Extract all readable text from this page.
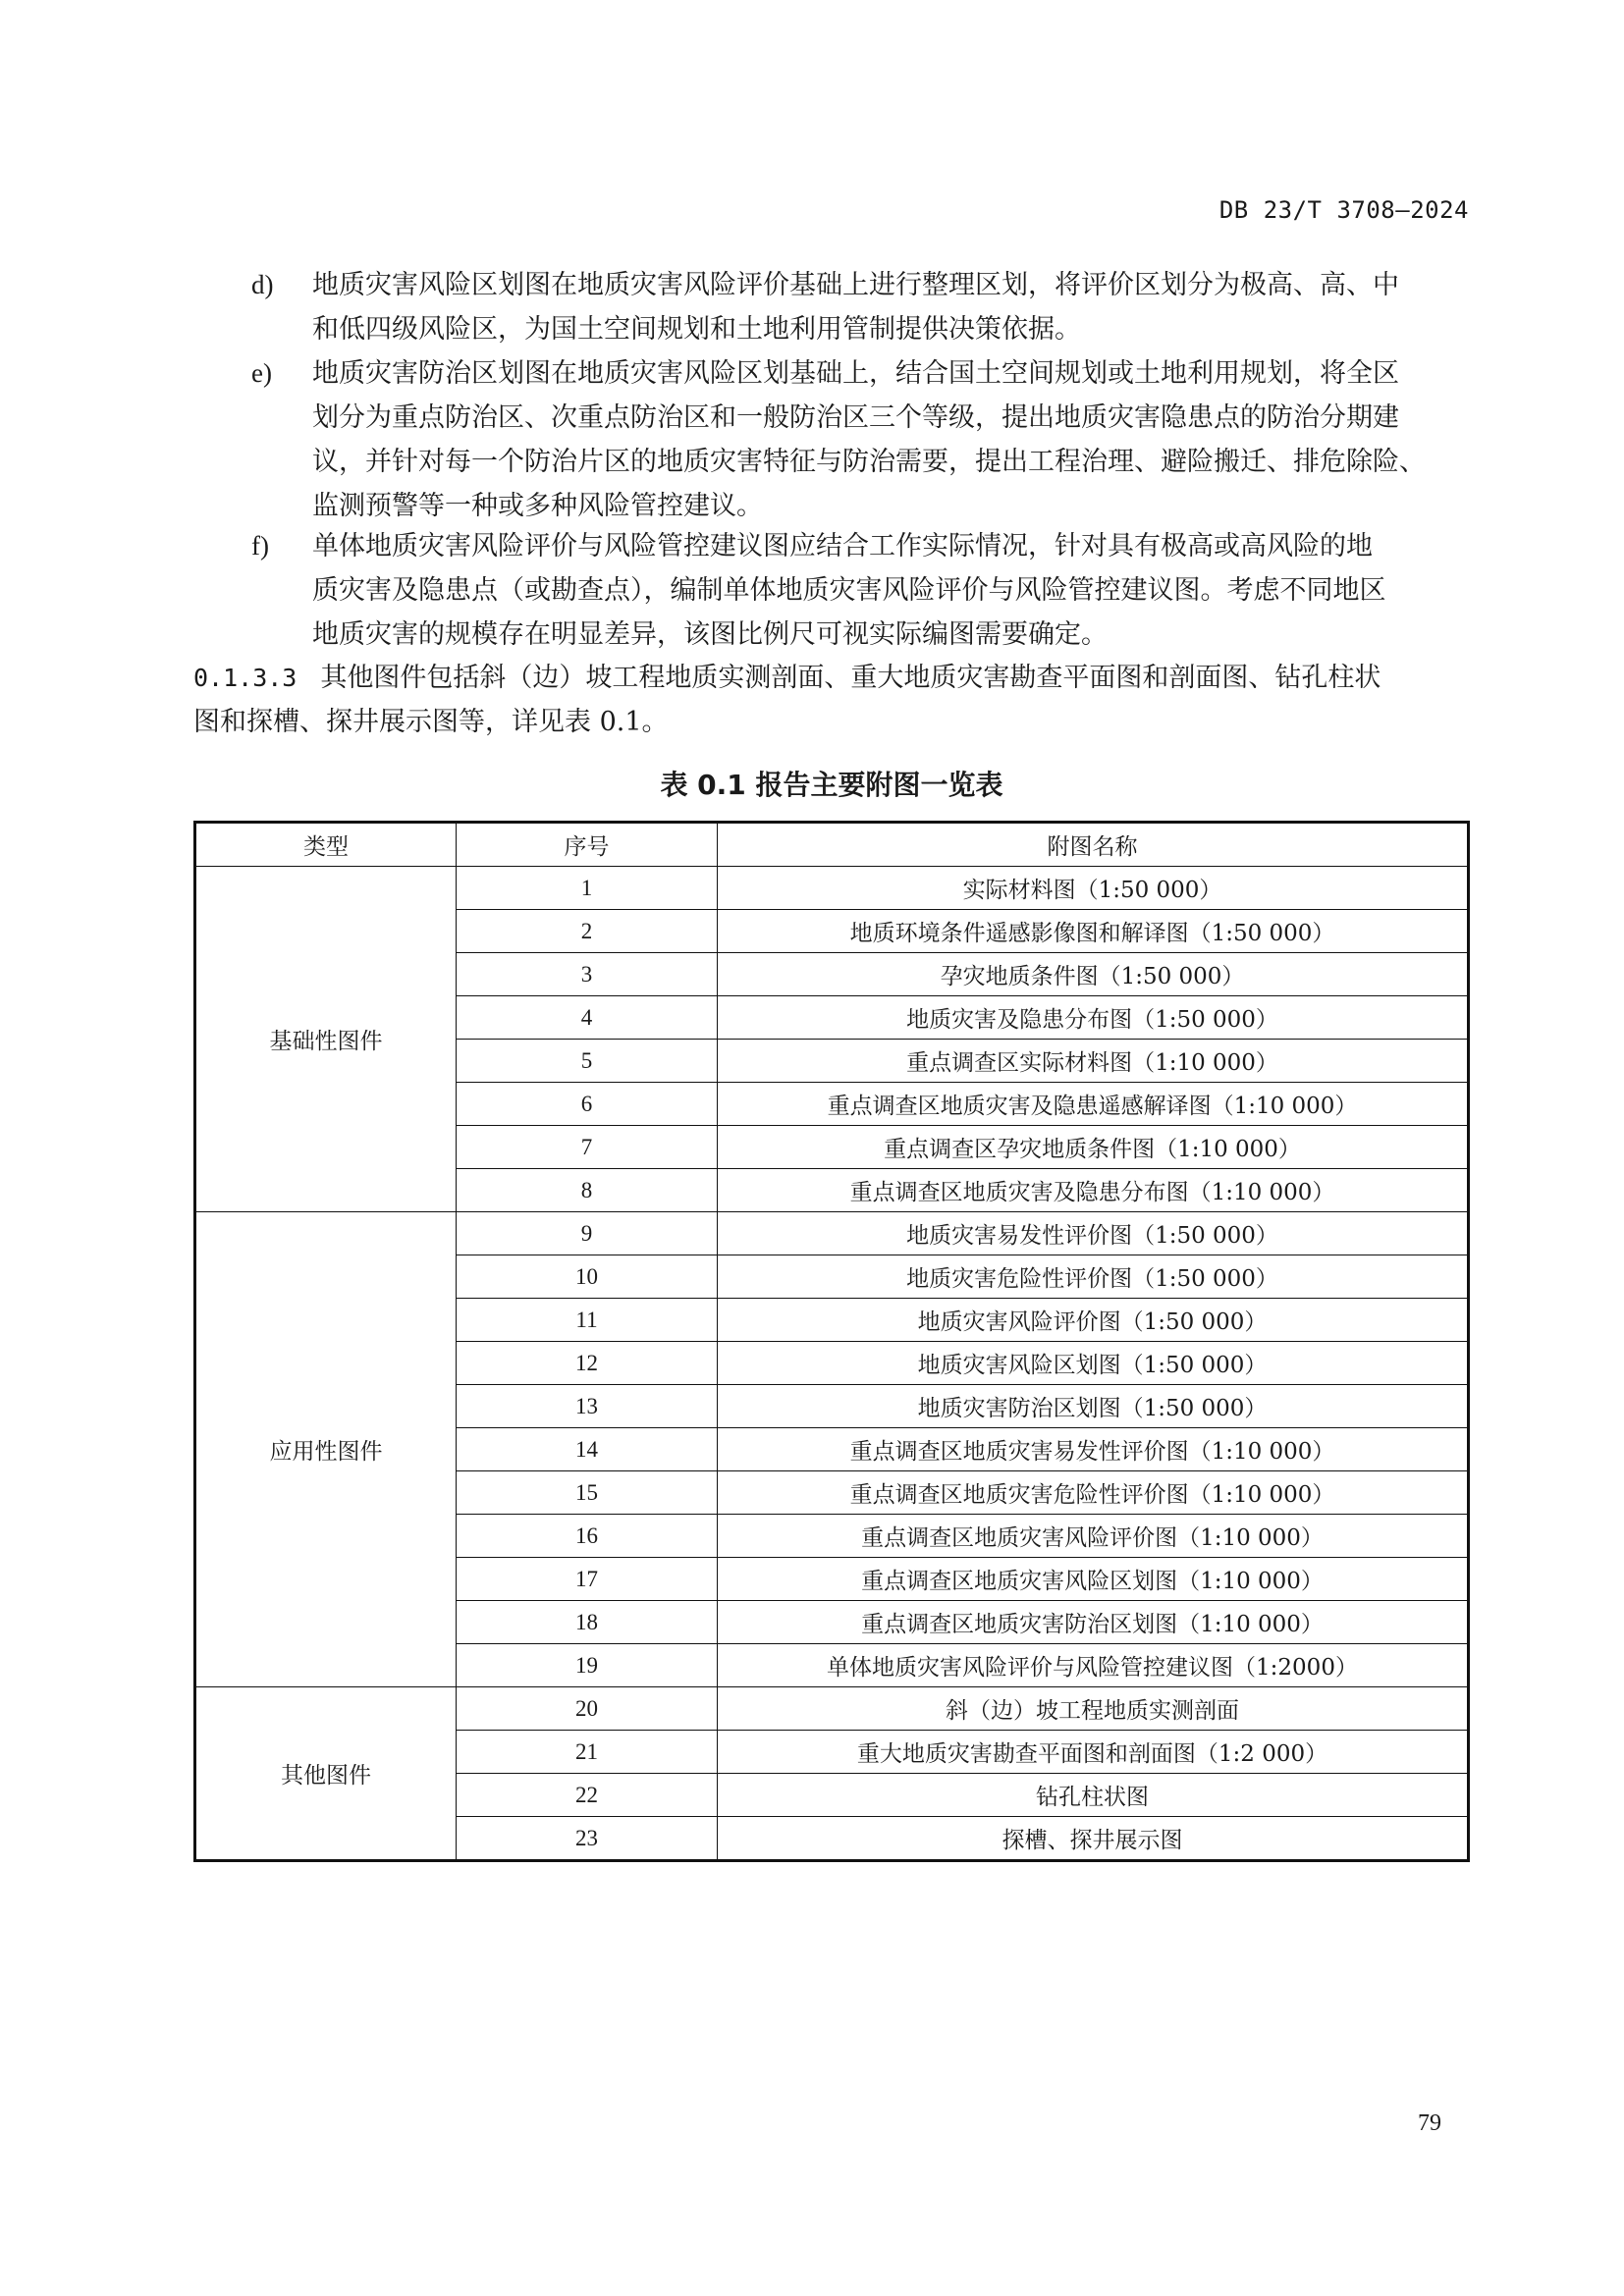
DB 23/T 3708—2024
d) 地质灾害风险区划图在地质灾害风险评价基础上进行整理区划，将评价区划分为极高、高、中
和低四级风险区，为国土空间规划和土地利用管制提供决策依据。
e) 地质灾害防治区划图在地质灾害风险区划基础上，结合国土空间规划或土地利用规划，将全区
划分为重点防治区、次重点防治区和一般防治区三个等级，提出地质灾害隐患点的防治分期建
议，并针对每一个防治片区的地质灾害特征与防治需要，提出工程治理、避险搬迁、排危除险、
监测预警等一种或多种风险管控建议。
f) 单体地质灾害风险评价与风险管控建议图应结合工作实际情况，针对具有极高或高风险的地
质灾害及隐患点（或勘查点），编制单体地质灾害风险评价与风险管控建议图。考虑不同地区
地质灾害的规模存在明显差异，该图比例尺可视实际编图需要确定。
0.1.3.3 其他图件包括斜（边）坡工程地质实测剖面、重大地质灾害勘查平面图和剖面图、钻孔柱状
图和探槽、探井展示图等，详见表 0.1。
表 0.1 报告主要附图一览表
类型	序号	附图名称
基础性图件	1	实际材料图（1:50 000）
	2	地质环境条件遥感影像图和解译图（1:50 000）
	3	孕灾地质条件图（1:50 000）
	4	地质灾害及隐患分布图（1:50 000）
	5	重点调查区实际材料图（1:10 000）
	6	重点调查区地质灾害及隐患遥感解译图（1:10 000）
	7	重点调查区孕灾地质条件图（1:10 000）
	8	重点调查区地质灾害及隐患分布图（1:10 000）
应用性图件	9	地质灾害易发性评价图（1:50 000）
	10	地质灾害危险性评价图（1:50 000）
	11	地质灾害风险评价图（1:50 000）
	12	地质灾害风险区划图（1:50 000）
	13	地质灾害防治区划图（1:50 000）
	14	重点调查区地质灾害易发性评价图（1:10 000）
	15	重点调查区地质灾害危险性评价图（1:10 000）
	16	重点调查区地质灾害风险评价图（1:10 000）
	17	重点调查区地质灾害风险区划图（1:10 000）
	18	重点调查区地质灾害防治区划图（1:10 000）
	19	单体地质灾害风险评价与风险管控建议图（1:2000）
其他图件	20	斜（边）坡工程地质实测剖面
	21	重大地质灾害勘查平面图和剖面图（1:2 000）
	22	钻孔柱状图
	23	探槽、探井展示图
79
